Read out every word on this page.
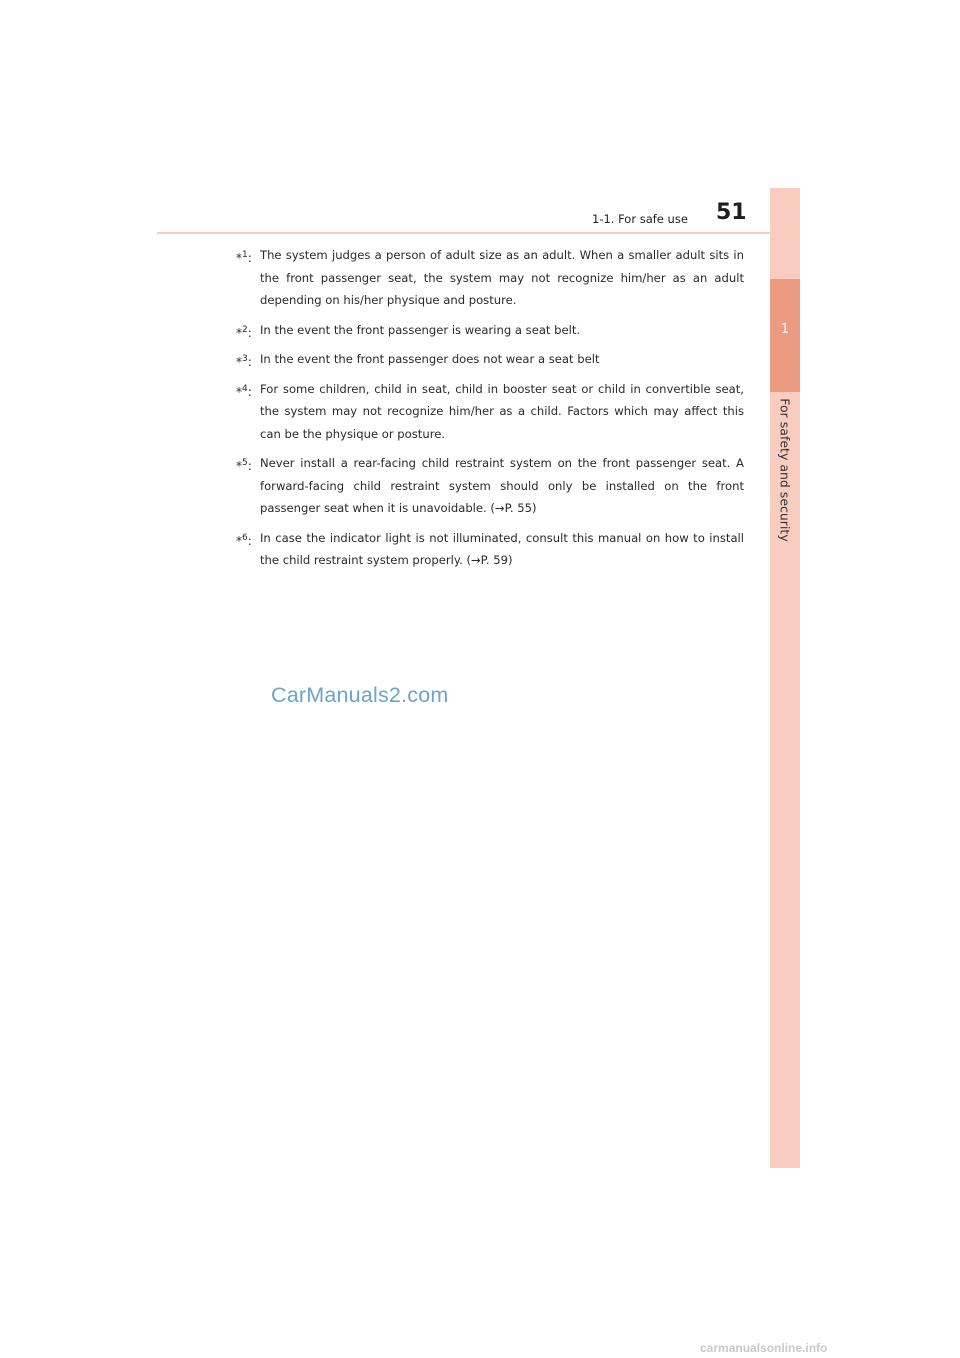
1
For safety and security
1-1. For safe use 51
*$^1$: The system judges a person of adult size as an adult. When a smaller adult sits in the front passenger seat, the system may not recognize him/her as an adult depending on his/her physique and posture.
*$^2$: In the event the front passenger is wearing a seat belt.
*$^3$: In the event the front passenger does not wear a seat belt
*$^4$: For some children, child in seat, child in booster seat or child in convertible seat, the system may not recognize him/her as a child. Factors which may affect this can be the physique or posture.
*$^5$: Never install a rear-facing child restraint system on the front passenger seat. A forward-facing child restraint system should only be installed on the front passenger seat when it is unavoidable. (→P. 55)
*$^6$: In case the indicator light is not illuminated, consult this manual on how to install the child restraint system properly. (→P. 59)
CarManuals2.com
carmanualsonline.info
